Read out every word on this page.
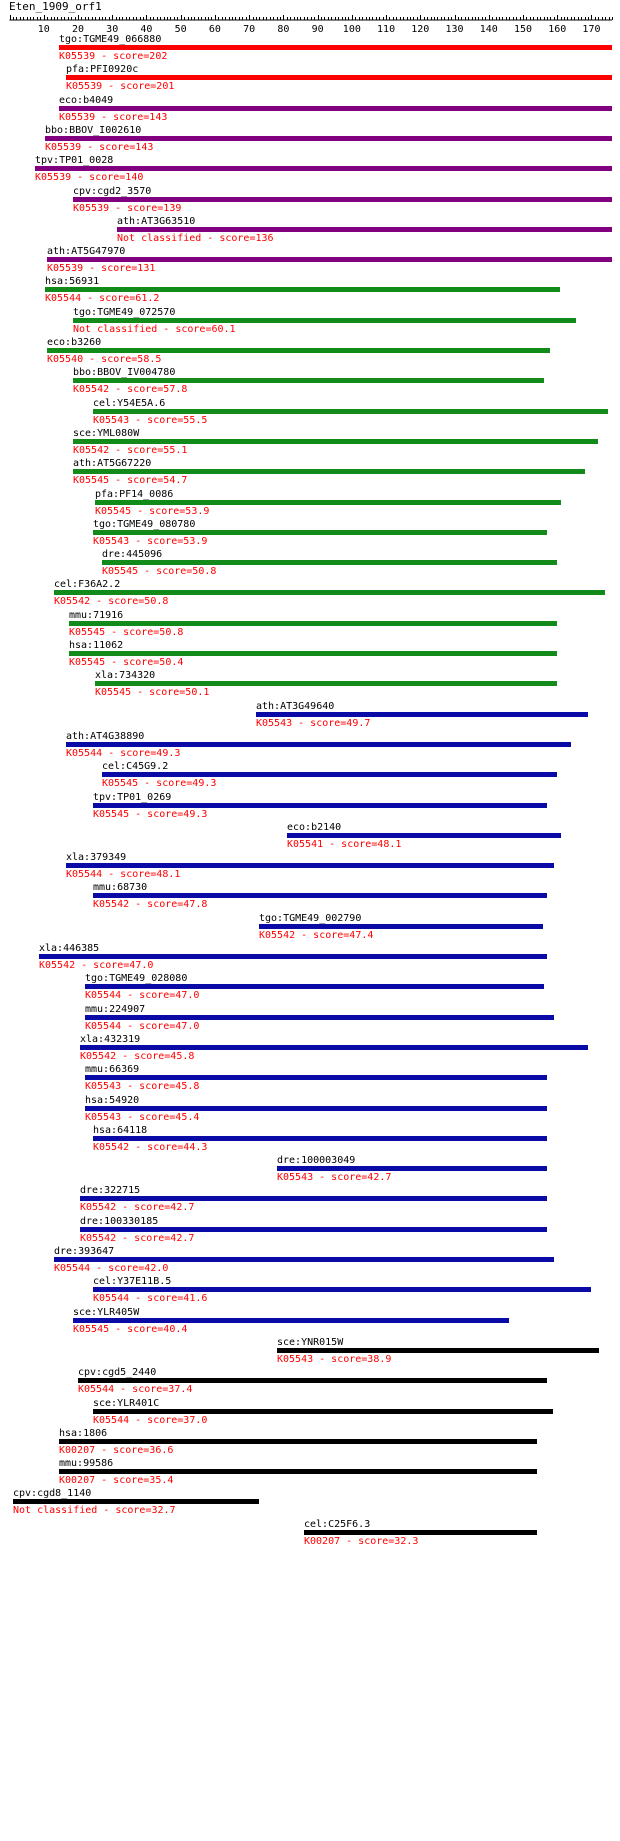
Eten_1909_orf1
10 20 30 40 50 60 70 80 90 100 110 120 130 140 150 160 170
tgo:TGME49_066880
K05539 - score=202
pfa:PFI0920c
K05539 - score=201
eco:b4049
K05539 - score=143
bbo:BBOV_I002610
K05539 - score=143
tpv:TP01_0028
K05539 - score=140
cpv:cgd2_3570
K05539 - score=139
ath:AT3G63510
Not classified - score=136
ath:AT5G47970
K05539 - score=131
hsa:56931
K05544 - score=61.2
tgo:TGME49_072570
Not classified - score=60.1
eco:b3260
K05540 - score=58.5
bbo:BBOV_IV004780
K05542 - score=57.8
cel:Y54E5A.6
K05543 - score=55.5
sce:YML080W
K05542 - score=55.1
ath:AT5G67220
K05545 - score=54.7
pfa:PF14_0086
K05545 - score=53.9
tgo:TGME49_080780
K05543 - score=53.9
dre:445096
K05545 - score=50.8
cel:F36A2.2
K05542 - score=50.8
mmu:71916
K05545 - score=50.8
hsa:11062
K05545 - score=50.4
xla:734320
K05545 - score=50.1
ath:AT3G49640
K05543 - score=49.7
ath:AT4G38890
K05544 - score=49.3
cel:C45G9.2
K05545 - score=49.3
tpv:TP01_0269
K05545 - score=49.3
eco:b2140
K05541 - score=48.1
xla:379349
K05544 - score=48.1
mmu:68730
K05542 - score=47.8
tgo:TGME49_002790
K05542 - score=47.4
xla:446385
K05542 - score=47.0
tgo:TGME49_028080
K05544 - score=47.0
mmu:224907
K05544 - score=47.0
xla:432319
K05542 - score=45.8
mmu:66369
K05543 - score=45.8
hsa:54920
K05543 - score=45.4
hsa:64118
K05542 - score=44.3
dre:100003049
K05543 - score=42.7
dre:322715
K05542 - score=42.7
dre:100330185
K05542 - score=42.7
dre:393647
K05544 - score=42.0
cel:Y37E11B.5
K05544 - score=41.6
sce:YLR405W
K05545 - score=40.4
sce:YNR015W
K05543 - score=38.9
cpv:cgd5_2440
K05544 - score=37.4
sce:YLR401C
K05544 - score=37.0
hsa:1806
K00207 - score=36.6
mmu:99586
K00207 - score=35.4
cpv:cgd8_1140
Not classified - score=32.7
cel:C25F6.3
K00207 - score=32.3
